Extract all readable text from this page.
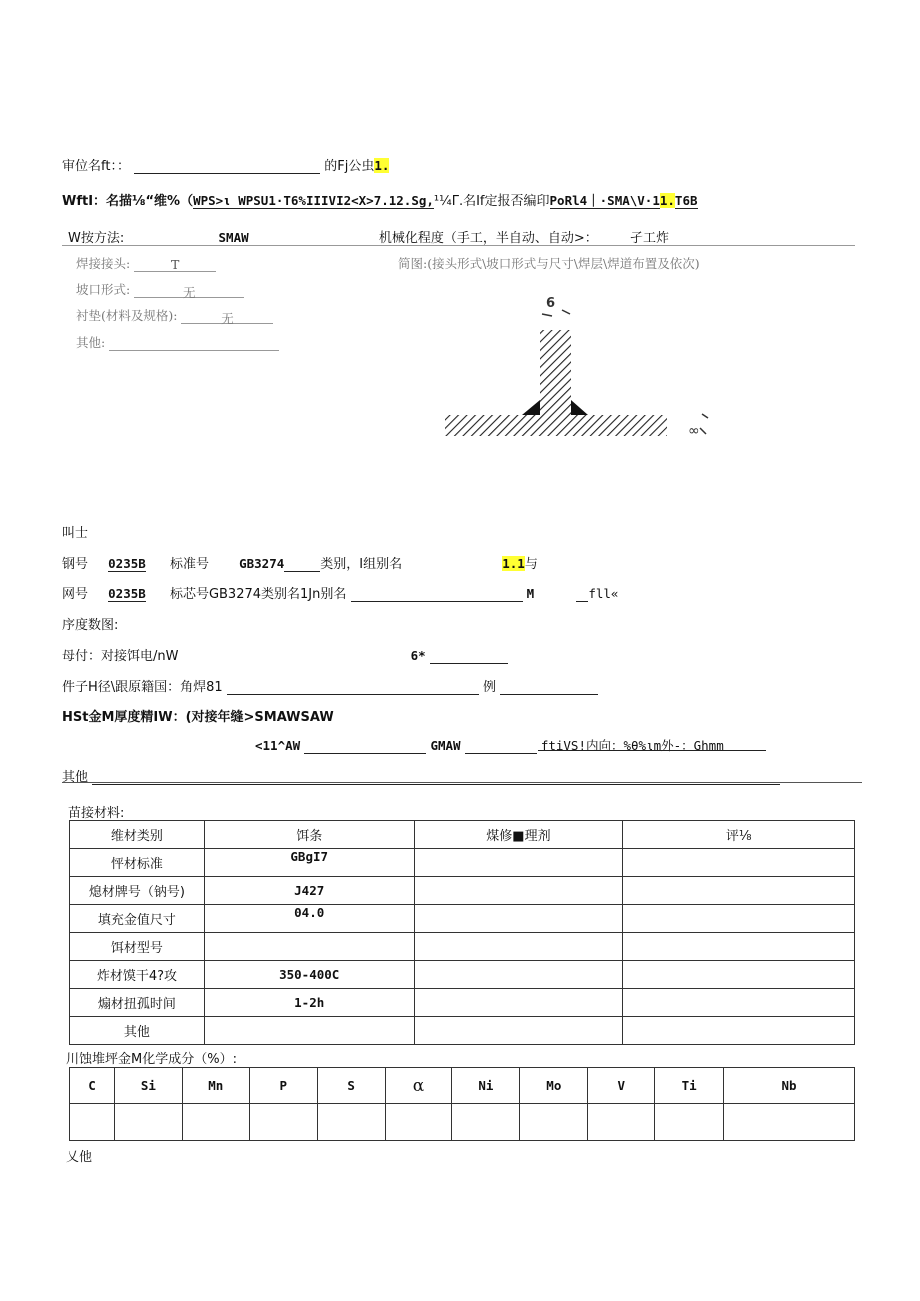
审位名ft：：	的Fj公虫1.
WftI：名描⅛“维%（WPS>ι WPSU1·T6%IIIVI2<X>7.12.Sg,¹¼Γ.名If定报否编印PoRl4｜·SMA\V·11.T6B
W按方法:	SMAW	机械化程度（手工，半自动、自动>： 孑工炸
焊接接头:	T
坡口形式:	无
衬垫(材料及规格):	无
其他:
简图:(接头形式\坡口形式与尺寸\焊层\焊道布置及依次)
6
∞
叫士
钢号 0235B 标准号 GB3274	类别，I组别名	1.1与
网号 0235B 标芯号GB3274类别名1Jn别名	M	fll«
序度数图:
母付：对接饵电/nW	6*
件子H径\跟原籍国：角焊81	例
HSt金M厚度精IW：(对接年缝>SMAWSAW
<11^AW	GMAW	ftiVS!内向：%θ%ιm外-：Ghmm
其他
苗接材料:
维材类别	饵条	煤修■理剂	评⅛
怦材标准	GBgI7		
熄材牌号（钠号)	J427		
填充金值尺寸	04.0		
饵材型号			
炸材馍干4?攻	350-400C		
煽材扭孤时间	1-2h		
其他			
川蚀堆坪金M化学成分（%）:
C	Si	Mn	P	S	α	Ni	Mo	V	Ti	Nb

乂他
